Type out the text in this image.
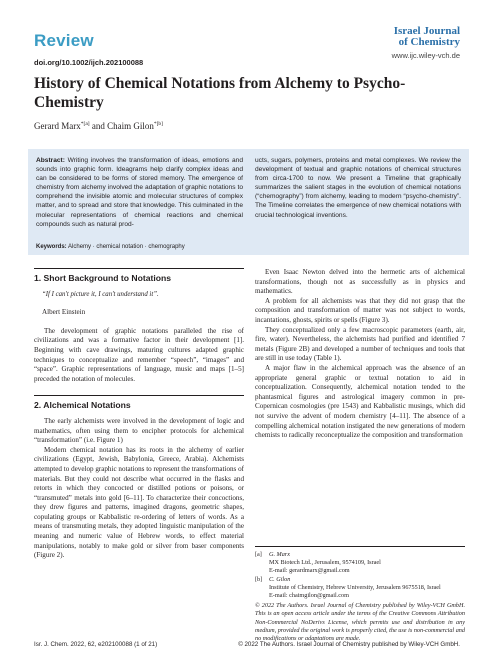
Review	Israel Journal
of Chemistry
www.ijc.wiley-vch.de
doi.org/10.1002/ijch.202100088
History of Chemical Notations from Alchemy to Psycho-Chemistry
Gerard Marx$^{*[a]}$ and Chaim Gilon$^{*[b]}$
Abstract: Writing involves the transformation of ideas, emotions and sounds into graphic form. Ideagrams help clarify complex ideas and can be considered to be forms of stored memory. The emergence of chemistry from alchemy involved the adaptation of graphic notations to comprehend the invisible atomic and molecular structures of complex matter, and to spread and store that knowledge. This culminated in the molecular representations of chemical reactions and chemical compounds such as natural prod-
ucts, sugars, polymers, proteins and metal complexes. We review the development of textual and graphic notations of chemical structures from circa-1700 to now. We present a Timeline that graphically summarizes the salient stages in the evolution of chemical notations (“chemography”) from alchemy, leading to modern “psycho-chemistry”. The Timeline correlates the emergence of new chemical notations with crucial technological inventions.
Keywords: Alchemy · chemical notation · chemography
1. Short Background to Notations

“If I can't picture it, I can't understand it”.

Albert Einstein

The development of graphic notations paralleled the rise of civilizations and was a formative factor in their development [1]. Beginning with cave drawings, maturing cultures adapted graphic techniques to conceptualize and remember “speech”, “images” and “space”. Graphic representations of language, music and maps [1–5] preceded the notation of molecules.

2. Alchemical Notations

The early alchemists were involved in the development of logic and mathematics, often using them to encipher protocols for alchemical “transformation” (i.e. Figure 1)

Modern chemical notation has its roots in the alchemy of earlier civilizations (Egypt, Jewish, Babylonia, Greece, Arabia). Alchemists attempted to develop graphic notations to represent the transformations of materials. But they could not describe what occurred in the flasks and retorts in which they concocted or distilled potions or poisons, or “transmuted” metals into gold [6–11]. To characterize their concoctions, they drew figures and patterns, imagined dragons, geometric shapes, copulating groups or Kabbalistic re-ordering of letters of words. As a means of transmuting metals, they adopted linguistic manipulation of the meaning and numeric value of Hebrew words, to effect material manipulations, notably to make gold or silver from baser components (Figure 2).

Even Isaac Newton delved into the hermetic arts of alchemical transformations, though not as successfully as in physics and mathematics.

A problem for all alchemists was that they did not grasp that the composition and transformation of matter was not subject to words, incantations, ghosts, spirits or spells (Figure 3).

They conceptualized only a few macroscopic parameters (earth, air, fire, water). Nevertheless, the alchemists had purified and identified 7 metals (Figure 2B) and developed a number of techniques and tools that are still in use today (Table 1).

A major flaw in the alchemical approach was the absence of an appropriate general graphic or textual notation to aid in conceptualization. Consequently, alchemical notation tended to the phantasmical figures and astrological imagery common in pre-Copernican cosmologies (pre 1543) and Kabbalistic musings, which did not survive the advent of modern chemistry [4–11]. The absence of a compelling alchemical notation instigated the new generations of modern chemists to radically reconceptualize the composition and transformation

[a]	G. Marx
MX Biotech Ltd., Jerusalem, 9574109, Israel
E-mail: gerardmarx@gmail.com
[b]	C. Gilon
Institute of Chemistry, Hebrew University, Jerusalem 9675518, Israel
E-mail: chaimgilon@gmail.com
© 2022 The Authors. Israel Journal of Chemistry published by Wiley-VCH GmbH. This is an open access article under the terms of the Creative Commons Attribution Non-Commercial NoDerivs License, which permits use and distribution in any medium, provided the original work is properly cited, the use is non-commercial and no modifications or adaptations are made.
Isr. J. Chem. 2022, 62, e202100088 (1 of 21)	© 2022 The Authors. Israel Journal of Chemistry published by Wiley-VCH GmbH.
